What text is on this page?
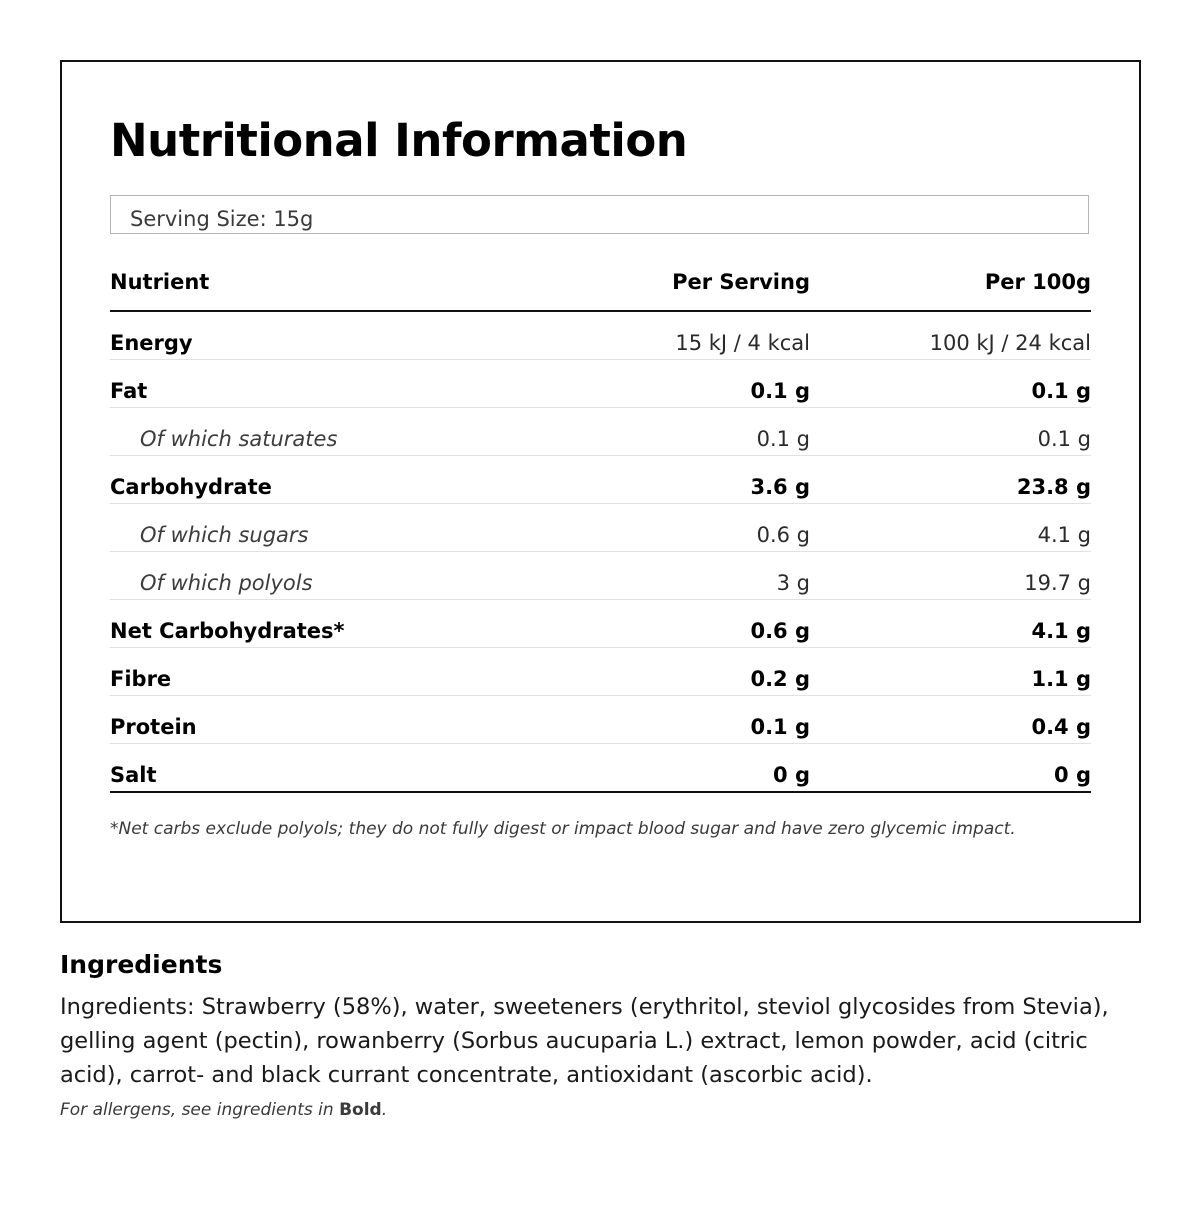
Nutritional Information
Serving Size: 15g
Nutrient	Per Serving	Per 100g
Energy	15 kJ / 4 kcal	100 kJ / 24 kcal
Fat	0.1 g	0.1 g
Of which saturates	0.1 g	0.1 g
Carbohydrate	3.6 g	23.8 g
Of which sugars	0.6 g	4.1 g
Of which polyols	3 g	19.7 g
Net Carbohydrates*	0.6 g	4.1 g
Fibre	0.2 g	1.1 g
Protein	0.1 g	0.4 g
Salt	0 g	0 g

*Net carbs exclude polyols; they do not fully digest or impact blood sugar and have zero glycemic impact.

Ingredients

Ingredients: Strawberry (58%), water, sweeteners (erythritol, steviol glycosides from Stevia), gelling agent (pectin), rowanberry (Sorbus aucuparia L.) extract, lemon powder, acid (citric acid), carrot- and black currant concentrate, antioxidant (ascorbic acid).

For allergens, see ingredients in Bold.
